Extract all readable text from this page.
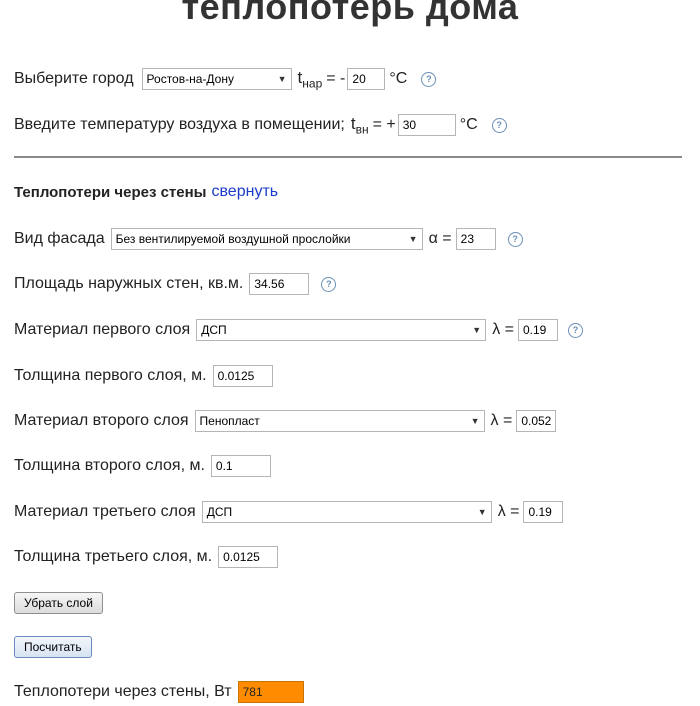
теплопотерь дома
Выберите город Ростов-на-Дону	▼ $t_{нар}$ = - 20	°C	?
Введите температуру воздуха в помещении; $t_{вн}$ = + 30	°C	?
Теплопотери через стены свернуть
Вид фасада Без вентилируемой воздушной прослойки	▼ α = 23	?
Площадь наружных стен, кв.м. 34.56	?
Материал первого слоя ДСП	▼ λ = 0.19	?
Толщина первого слоя, м. 0.0125
Материал второго слоя Пенопласт	▼ λ = 0.052
Толщина второго слоя, м. 0.1
Материал третьего слоя ДСП	▼ λ = 0.19
Толщина третьего слоя, м. 0.0125
Убрать слой
Посчитать
Теплопотери через стены, Вт 781
